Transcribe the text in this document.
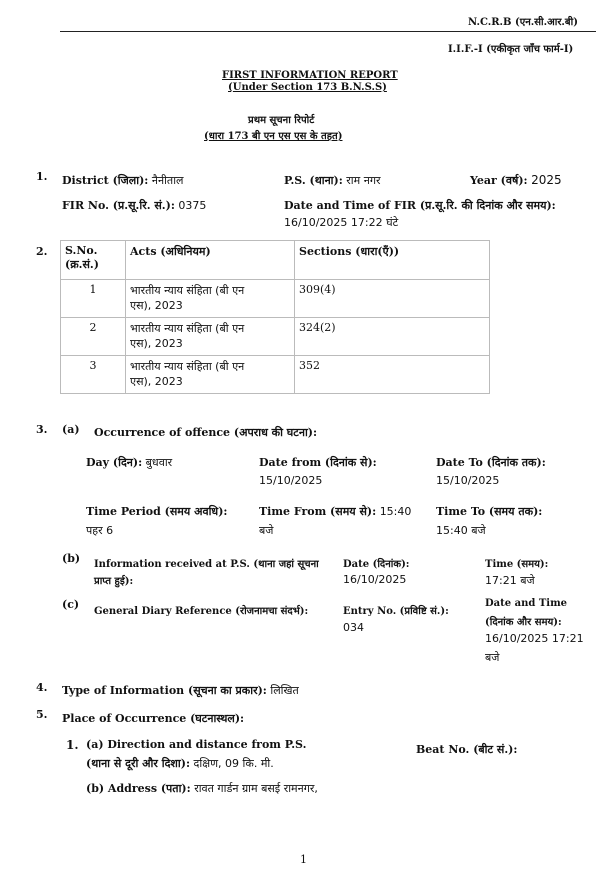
N.C.R.B (एन.सी.आर.बी)
I.I.F.-I (एकीकृत जाँच फार्म-I)
FIRST INFORMATION REPORT
(Under Section 173 B.N.S.S)
प्रथम सूचना रिपोर्ट
(धारा 173 बी एन एस एस के तहत)
1. District (जिला): नैनीताल	P.S. (थाना): राम नगर	Year (वर्ष): 2025
FIR No. (प्र.सू.रि. सं.): 0375	Date and Time of FIR (प्र.सू.रि. की दिनांक और समय):
16/10/2025 17:22 घंटे
2. S.No.
(क्र.सं.)	Acts (अधिनियम)	Sections (धारा(एँ))
1	भारतीय न्याय संहिता (बी एन
एस), 2023	309(4)
2	भारतीय न्याय संहिता (बी एन
एस), 2023	324(2)
3	भारतीय न्याय संहिता (बी एन
एस), 2023	352
3. (a) Occurrence of offence (अपराध की घटना):
Day (दिन): बुधवार	Date from (दिनांक से):
15/10/2025
Date To (दिनांक तक):
15/10/2025
Time Period (समय अवधि):
पहर 6
Time From (समय से): 15:40
बजे
Time To (समय तक):
15:40 बजे
(b) Information received at P.S. (थाना जहां सूचना
प्राप्त हुई):
Date (दिनांक):
16/10/2025
Time (समय):
17:21 बजे
(c)
General Diary Reference (रोजनामचा संदर्भ):	Entry No. (प्रविष्टि सं.):
034
Date and Time
(दिनांक और समय):
16/10/2025 17:21
बजे
4. Type of Information (सूचना का प्रकार): लिखित
5. Place of Occurrence (घटनास्थल):
1. (a) Direction and distance from P.S.
(थाना से दूरी और दिशा): दक्षिण, 09 कि. मी.
Beat No. (बीट सं.):
(b) Address (पता): रावत गार्डन ग्राम बसई रामनगर,
1
